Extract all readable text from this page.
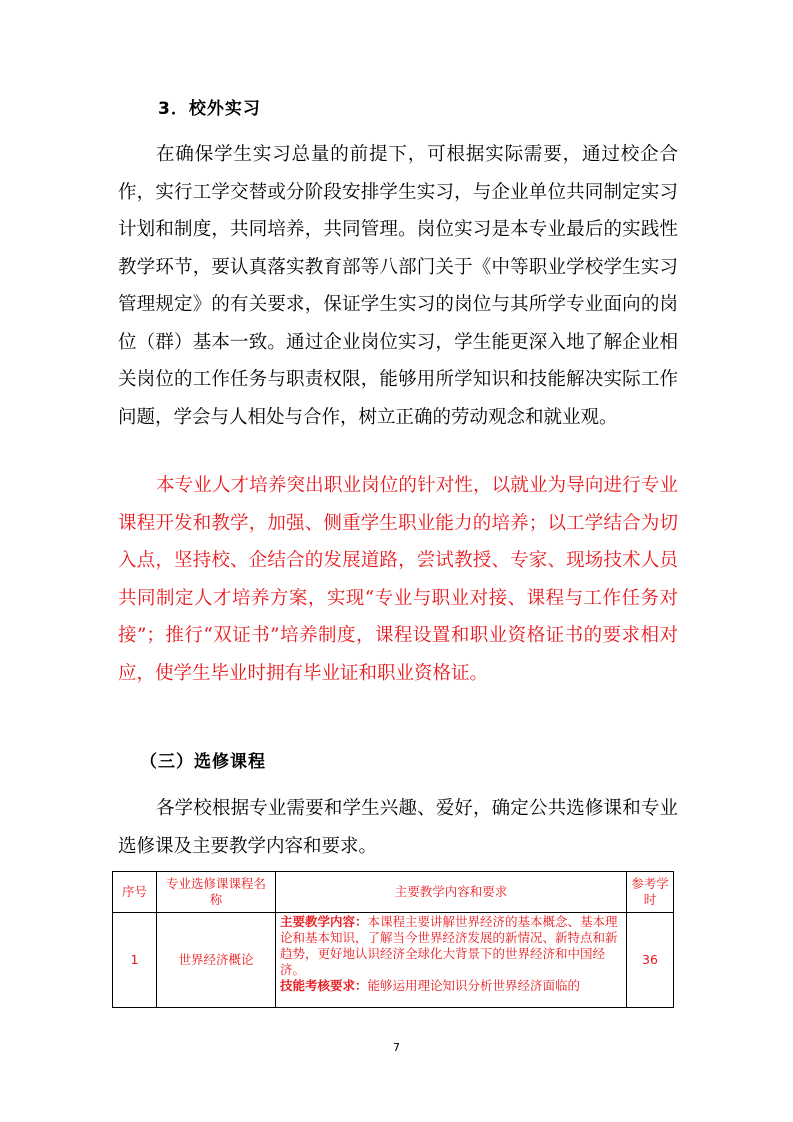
3．校外实习

在确保学生实习总量的前提下，可根据实际需要，通过校企合作，实行工学交替或分阶段安排学生实习，与企业单位共同制定实习计划和制度，共同培养，共同管理。岗位实习是本专业最后的实践性教学环节，要认真落实教育部等八部门关于《中等职业学校学生实习管理规定》的有关要求，保证学生实习的岗位与其所学专业面向的岗位（群）基本一致。通过企业岗位实习，学生能更深入地了解企业相关岗位的工作任务与职责权限，能够用所学知识和技能解决实际工作问题，学会与人相处与合作，树立正确的劳动观念和就业观。

本专业人才培养突出职业岗位的针对性，以就业为导向进行专业课程开发和教学，加强、侧重学生职业能力的培养；以工学结合为切入点，坚持校、企结合的发展道路，尝试教授、专家、现场技术人员共同制定人才培养方案，实现“专业与职业对接、课程与工作任务对接”；推行“双证书”培养制度，课程设置和职业资格证书的要求相对应，使学生毕业时拥有毕业证和职业资格证。

（三）选修课程

各学校根据专业需要和学生兴趣、爱好，确定公共选修课和专业选修课及主要教学内容和要求。

序号	专业选修课课程名称	主要教学内容和要求	参考学时
1	世界经济概论	主要教学内容：本课程主要讲解世界经济的基本概念、基本理论和基本知识，了解当今世界经济发展的新情况、新特点和新趋势，更好地认识经济全球化大背景下的世界经济和中国经济。
技能考核要求：能够运用理论知识分析世界经济面临的	36
7
